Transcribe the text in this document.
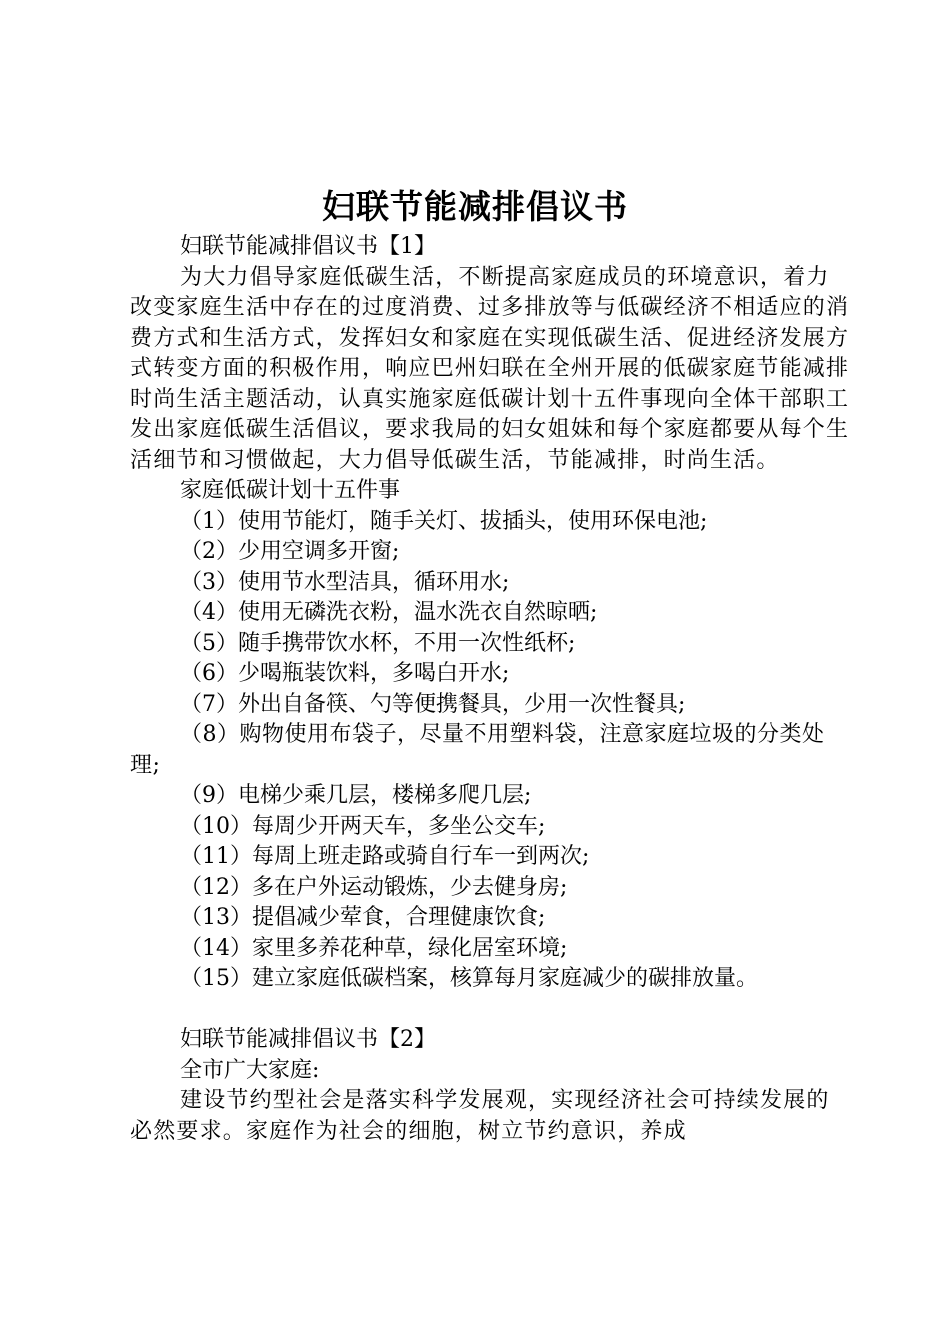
妇联节能减排倡议书

妇联节能减排倡议书【1】

为大力倡导家庭低碳生活，不断提高家庭成员的环境意识，着力改变家庭生活中存在的过度消费、过多排放等与低碳经济不相适应的消费方式和生活方式，发挥妇女和家庭在实现低碳生活、促进经济发展方式转变方面的积极作用，响应巴州妇联在全州开展的低碳家庭节能减排时尚生活主题活动，认真实施家庭低碳计划十五件事现向全体干部职工发出家庭低碳生活倡议，要求我局的妇女姐妹和每个家庭都要从每个生活细节和习惯做起，大力倡导低碳生活，节能减排，时尚生活。

家庭低碳计划十五件事

（1）使用节能灯，随手关灯、拔插头，使用环保电池;

（2）少用空调多开窗;

（3）使用节水型洁具，循环用水;

（4）使用无磷洗衣粉，温水洗衣自然晾晒;

（5）随手携带饮水杯，不用一次性纸杯;

（6）少喝瓶装饮料，多喝白开水;

（7）外出自备筷、勺等便携餐具，少用一次性餐具;

（8）购物使用布袋子，尽量不用塑料袋，注意家庭垃圾的分类处理;

（9）电梯少乘几层，楼梯多爬几层;

（10）每周少开两天车，多坐公交车;

（11）每周上班走路或骑自行车一到两次;

（12）多在户外运动锻炼，少去健身房;

（13）提倡减少荤食，合理健康饮食;

（14）家里多养花种草，绿化居室环境;

（15）建立家庭低碳档案，核算每月家庭减少的碳排放量。

妇联节能减排倡议书【2】

全市广大家庭:

建设节约型社会是落实科学发展观，实现经济社会可持续发展的必然要求。家庭作为社会的细胞，树立节约意识，养成
